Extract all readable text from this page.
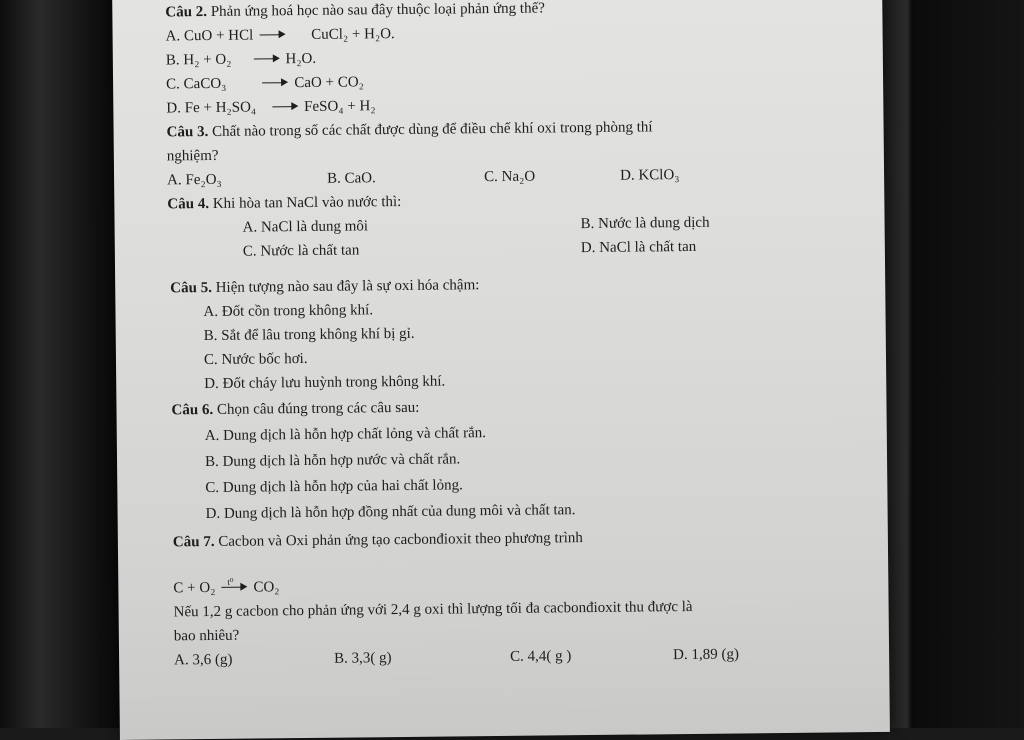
Câu 2. Phản ứng hoá học nào sau đây thuộc loại phản ứng thế?
A. CuO + HCl	CuCl₂ + H₂O.
B. H₂ + O₂	H₂O.
C. CaCO₃	CaO + CO₂
D. Fe + H₂SO₄	FeSO₄ + H₂
Câu 3. Chất nào trong số các chất được dùng để điều chế khí oxi trong phòng thí
nghiệm?
A. Fe₂O₃	B. CaO.	C. Na₂O	D. KClO₃
Câu 4. Khi hòa tan NaCl vào nước thì:
A. NaCl là dung môi	B. Nước là dung dịch
C. Nước là chất tan	D. NaCl là chất tan
Câu 5. Hiện tượng nào sau đây là sự oxi hóa chậm:
A. Đốt cồn trong không khí.
B. Sắt để lâu trong không khí bị gỉ.
C. Nước bốc hơi.
D. Đốt cháy lưu huỳnh trong không khí.
Câu 6. Chọn câu đúng trong các câu sau:
A. Dung dịch là hỗn hợp chất lỏng và chất rắn.
B. Dung dịch là hỗn hợp nước và chất rắn.
C. Dung dịch là hỗn hợp của hai chất lỏng.
D. Dung dịch là hỗn hợp đồng nhất của dung môi và chất tan.
Câu 7. Cacbon và Oxi phản ứng tạo cacbonđioxit theo phương trình
C + O₂ t⁰ CO₂
Nếu 1,2 g cacbon cho phản ứng với 2,4 g oxi thì lượng tối đa cacbonđioxit thu được là
bao nhiêu?
A. 3,6 (g)	B. 3,3( g)	C. 4,4( g )	D. 1,89 (g)
